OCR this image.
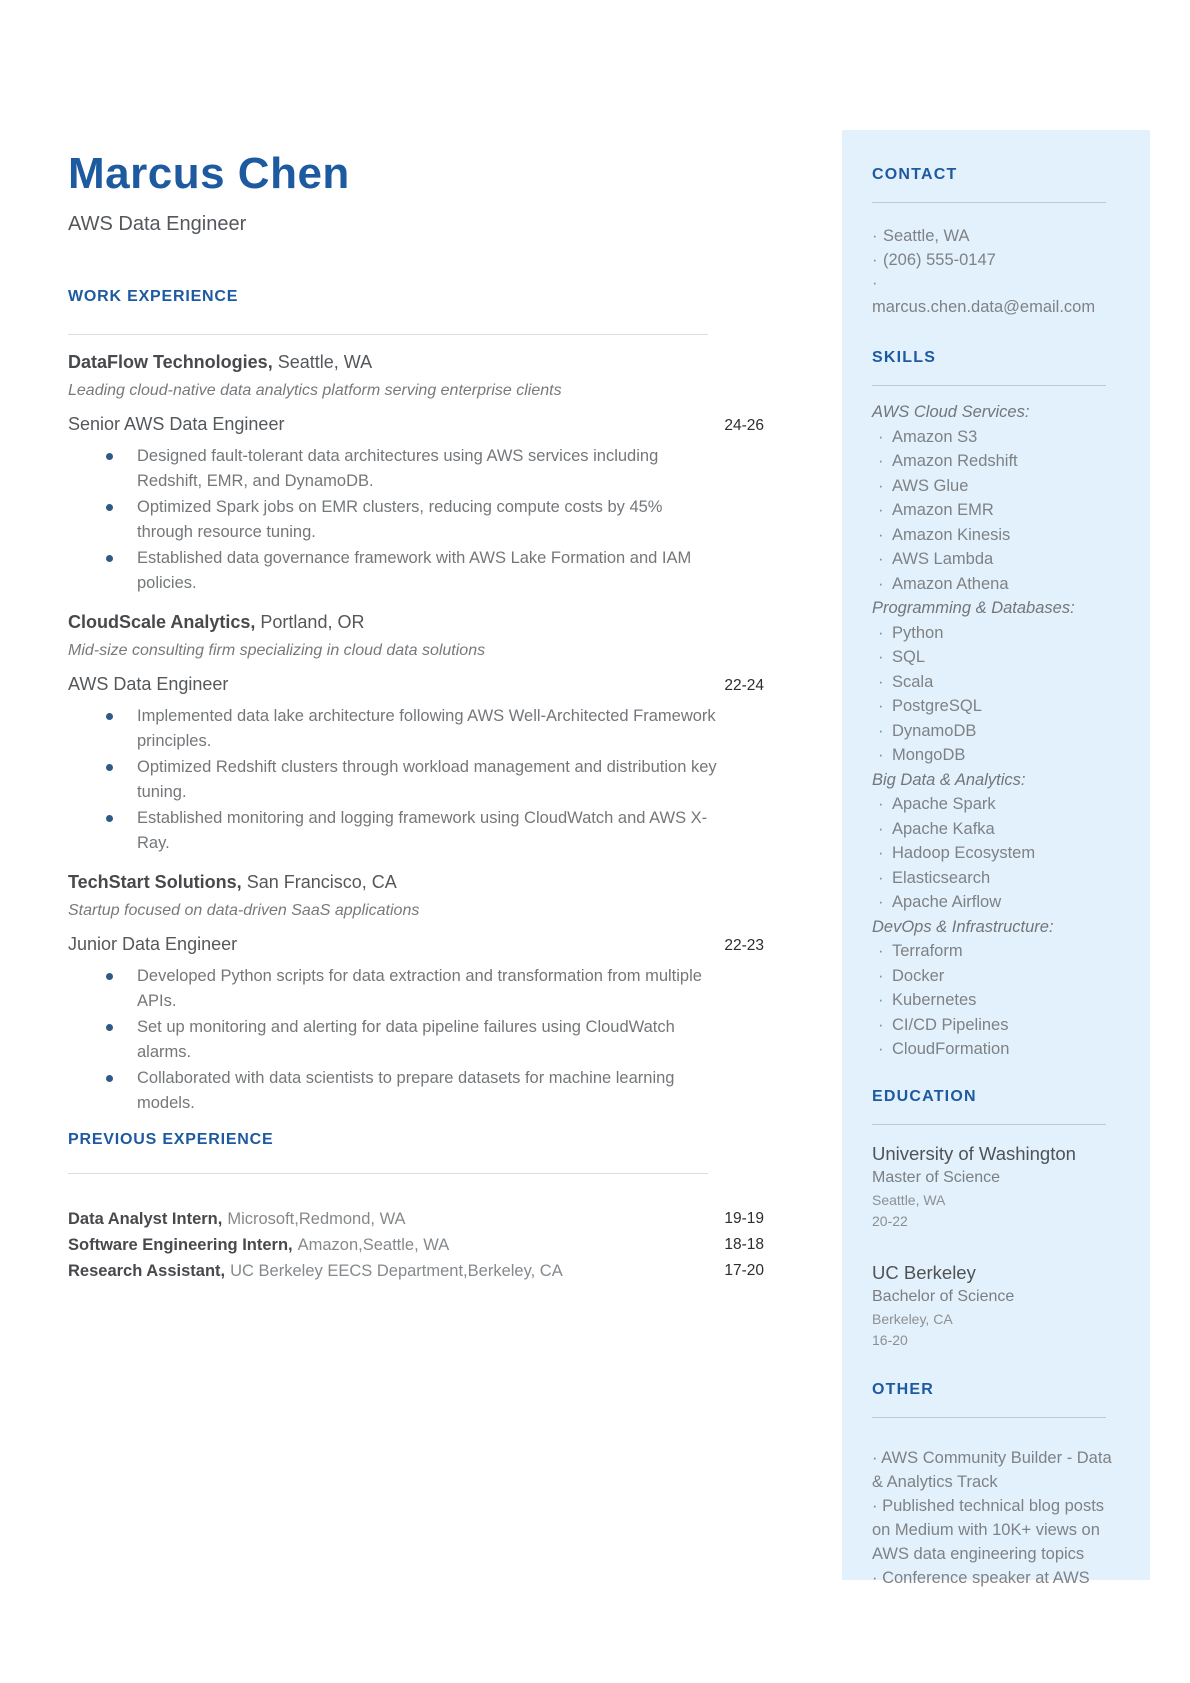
Marcus Chen
AWS Data Engineer
WORK EXPERIENCE
DataFlow Technologies, Seattle, WA
Leading cloud-native data analytics platform serving enterprise clients
Senior AWS Data Engineer	24-26
Designed fault-tolerant data architectures using AWS services including Redshift, EMR, and DynamoDB.
Optimized Spark jobs on EMR clusters, reducing compute costs by 45% through resource tuning.
Established data governance framework with AWS Lake Formation and IAM policies.
CloudScale Analytics, Portland, OR
Mid-size consulting firm specializing in cloud data solutions
AWS Data Engineer	22-24
Implemented data lake architecture following AWS Well-Architected Framework principles.
Optimized Redshift clusters through workload management and distribution key tuning.
Established monitoring and logging framework using CloudWatch and AWS X-Ray.
TechStart Solutions, San Francisco, CA
Startup focused on data-driven SaaS applications
Junior Data Engineer	22-23
Developed Python scripts for data extraction and transformation from multiple APIs.
Set up monitoring and alerting for data pipeline failures using CloudWatch alarms.
Collaborated with data scientists to prepare datasets for machine learning models.
PREVIOUS EXPERIENCE
Data Analyst Intern, Microsoft,Redmond, WA	19-19
Software Engineering Intern, Amazon,Seattle, WA	18-18
Research Assistant, UC Berkeley EECS Department,Berkeley, CA	17-20
CONTACT
· Seattle, WA
· (206) 555-0147
·
marcus.chen.data@email.com
SKILLS
AWS Cloud Services:
· Amazon S3
· Amazon Redshift
· AWS Glue
· Amazon EMR
· Amazon Kinesis
· AWS Lambda
· Amazon Athena
Programming & Databases:
· Python
· SQL
· Scala
· PostgreSQL
· DynamoDB
· MongoDB
Big Data & Analytics:
· Apache Spark
· Apache Kafka
· Hadoop Ecosystem
· Elasticsearch
· Apache Airflow
DevOps & Infrastructure:
· Terraform
· Docker
· Kubernetes
· CI/CD Pipelines
· CloudFormation
EDUCATION
University of Washington
Master of Science
Seattle, WA
20-22
UC Berkeley
Bachelor of Science
Berkeley, CA
16-20
OTHER
· AWS Community Builder - Data & Analytics Track
· Published technical blog posts on Medium with 10K+ views on AWS data engineering topics
· Conference speaker at AWS
